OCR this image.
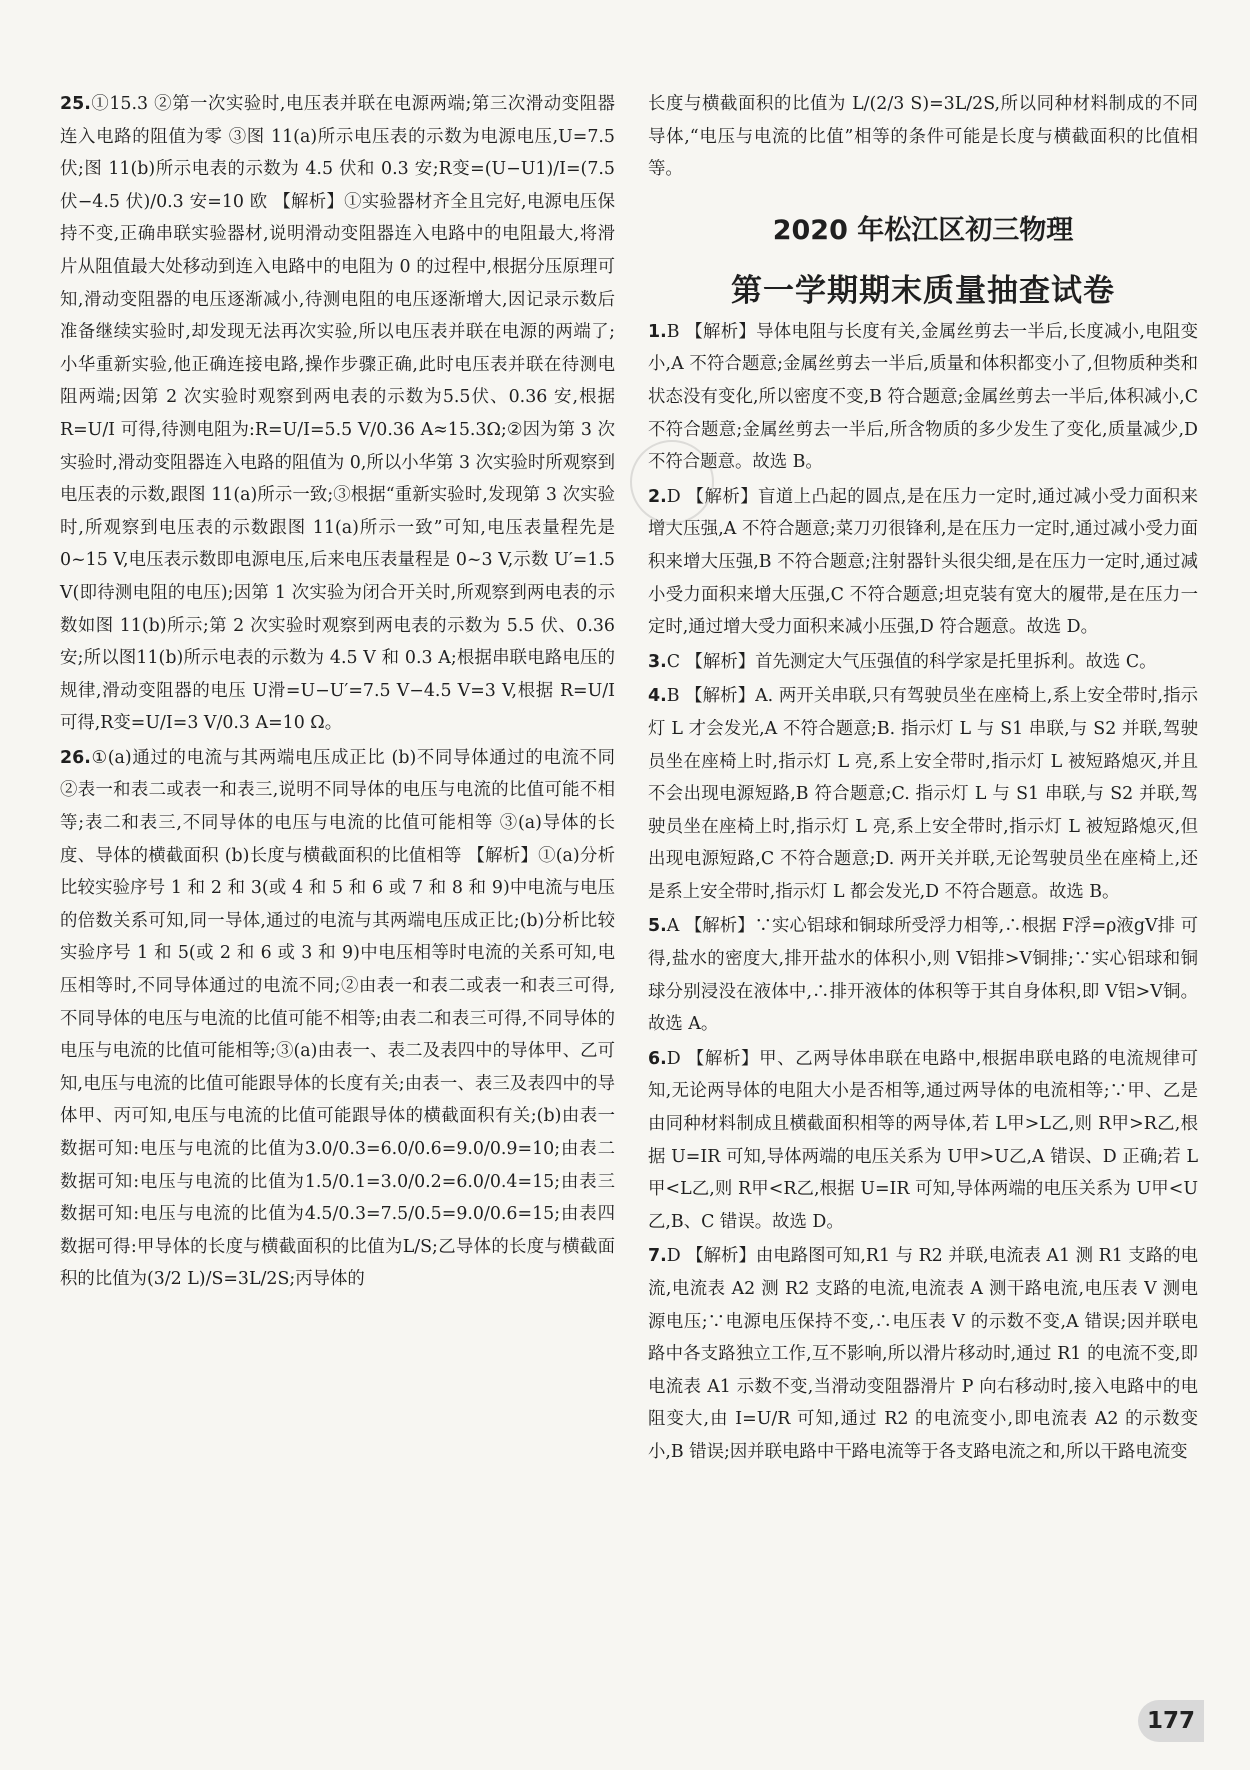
25.①15.3 ②第一次实验时,电压表并联在电源两端;第三次滑动变阻器连入电路的阻值为零 ③图 11(a)所示电压表的示数为电源电压,U=7.5 伏;图 11(b)所示电表的示数为 4.5 伏和 0.3 安;R变=(U−U1)/I=(7.5 伏−4.5 伏)/0.3 安=10 欧 【解析】①实验器材齐全且完好,电源电压保持不变,正确串联实验器材,说明滑动变阻器连入电路中的电阻最大,将滑片从阻值最大处移动到连入电路中的电阻为 0 的过程中,根据分压原理可知,滑动变阻器的电压逐渐减小,待测电阻的电压逐渐增大,因记录示数后准备继续实验时,却发现无法再次实验,所以电压表并联在电源的两端了;小华重新实验,他正确连接电路,操作步骤正确,此时电压表并联在待测电阻两端;因第 2 次实验时观察到两电表的示数为5.5伏、0.36 安,根据 R=U/I 可得,待测电阻为:R=U/I=5.5 V/0.36 A≈15.3Ω;②因为第 3 次实验时,滑动变阻器连入电路的阻值为 0,所以小华第 3 次实验时所观察到电压表的示数,跟图 11(a)所示一致;③根据“重新实验时,发现第 3 次实验时,所观察到电压表的示数跟图 11(a)所示一致”可知,电压表量程先是 0~15 V,电压表示数即电源电压,后来电压表量程是 0~3 V,示数 U′=1.5 V(即待测电阻的电压);因第 1 次实验为闭合开关时,所观察到两电表的示数如图 11(b)所示;第 2 次实验时观察到两电表的示数为 5.5 伏、0.36 安;所以图11(b)所示电表的示数为 4.5 V 和 0.3 A;根据串联电路电压的规律,滑动变阻器的电压 U滑=U−U′=7.5 V−4.5 V=3 V,根据 R=U/I 可得,R变=U/I=3 V/0.3 A=10 Ω。

26.①(a)通过的电流与其两端电压成正比 (b)不同导体通过的电流不同 ②表一和表二或表一和表三,说明不同导体的电压与电流的比值可能不相等;表二和表三,不同导体的电压与电流的比值可能相等 ③(a)导体的长度、导体的横截面积 (b)长度与横截面积的比值相等 【解析】①(a)分析比较实验序号 1 和 2 和 3(或 4 和 5 和 6 或 7 和 8 和 9)中电流与电压的倍数关系可知,同一导体,通过的电流与其两端电压成正比;(b)分析比较实验序号 1 和 5(或 2 和 6 或 3 和 9)中电压相等时电流的关系可知,电压相等时,不同导体通过的电流不同;②由表一和表二或表一和表三可得,不同导体的电压与电流的比值可能不相等;由表二和表三可得,不同导体的电压与电流的比值可能相等;③(a)由表一、表二及表四中的导体甲、乙可知,电压与电流的比值可能跟导体的长度有关;由表一、表三及表四中的导体甲、丙可知,电压与电流的比值可能跟导体的横截面积有关;(b)由表一数据可知:电压与电流的比值为3.0/0.3=6.0/0.6=9.0/0.9=10;由表二数据可知:电压与电流的比值为1.5/0.1=3.0/0.2=6.0/0.4=15;由表三数据可知:电压与电流的比值为4.5/0.3=7.5/0.5=9.0/0.6=15;由表四数据可得:甲导体的长度与横截面积的比值为L/S;乙导体的长度与横截面积的比值为(3/2 L)/S=3L/2S;丙导体的

长度与横截面积的比值为 L/(2/3 S)=3L/2S,所以同种材料制成的不同导体,“电压与电流的比值”相等的条件可能是长度与横截面积的比值相等。

2020 年松江区初三物理
第一学期期末质量抽查试卷

1.B 【解析】导体电阻与长度有关,金属丝剪去一半后,长度减小,电阻变小,A 不符合题意;金属丝剪去一半后,质量和体积都变小了,但物质种类和状态没有变化,所以密度不变,B 符合题意;金属丝剪去一半后,体积减小,C 不符合题意;金属丝剪去一半后,所含物质的多少发生了变化,质量减少,D 不符合题意。故选 B。

2.D 【解析】盲道上凸起的圆点,是在压力一定时,通过减小受力面积来增大压强,A 不符合题意;菜刀刃很锋利,是在压力一定时,通过减小受力面积来增大压强,B 不符合题意;注射器针头很尖细,是在压力一定时,通过减小受力面积来增大压强,C 不符合题意;坦克装有宽大的履带,是在压力一定时,通过增大受力面积来减小压强,D 符合题意。故选 D。

3.C 【解析】首先测定大气压强值的科学家是托里拆利。故选 C。

4.B 【解析】A. 两开关串联,只有驾驶员坐在座椅上,系上安全带时,指示灯 L 才会发光,A 不符合题意;B. 指示灯 L 与 S1 串联,与 S2 并联,驾驶员坐在座椅上时,指示灯 L 亮,系上安全带时,指示灯 L 被短路熄灭,并且不会出现电源短路,B 符合题意;C. 指示灯 L 与 S1 串联,与 S2 并联,驾驶员坐在座椅上时,指示灯 L 亮,系上安全带时,指示灯 L 被短路熄灭,但出现电源短路,C 不符合题意;D. 两开关并联,无论驾驶员坐在座椅上,还是系上安全带时,指示灯 L 都会发光,D 不符合题意。故选 B。

5.A 【解析】∵实心铝球和铜球所受浮力相等,∴根据 F浮=ρ液gV排 可得,盐水的密度大,排开盐水的体积小,则 V铝排>V铜排;∵实心铝球和铜球分别浸没在液体中,∴排开液体的体积等于其自身体积,即 V铝>V铜。故选 A。

6.D 【解析】甲、乙两导体串联在电路中,根据串联电路的电流规律可知,无论两导体的电阻大小是否相等,通过两导体的电流相等;∵甲、乙是由同种材料制成且横截面积相等的两导体,若 L甲>L乙,则 R甲>R乙,根据 U=IR 可知,导体两端的电压关系为 U甲>U乙,A 错误、D 正确;若 L甲<L乙,则 R甲<R乙,根据 U=IR 可知,导体两端的电压关系为 U甲<U乙,B、C 错误。故选 D。

7.D 【解析】由电路图可知,R1 与 R2 并联,电流表 A1 测 R1 支路的电流,电流表 A2 测 R2 支路的电流,电流表 A 测干路电流,电压表 V 测电源电压;∵电源电压保持不变,∴电压表 V 的示数不变,A 错误;因并联电路中各支路独立工作,互不影响,所以滑片移动时,通过 R1 的电流不变,即电流表 A1 示数不变,当滑动变阻器滑片 P 向右移动时,接入电路中的电阻变大,由 I=U/R 可知,通过 R2 的电流变小,即电流表 A2 的示数变小,B 错误;因并联电路中干路电流等于各支路电流之和,所以干路电流变

177
